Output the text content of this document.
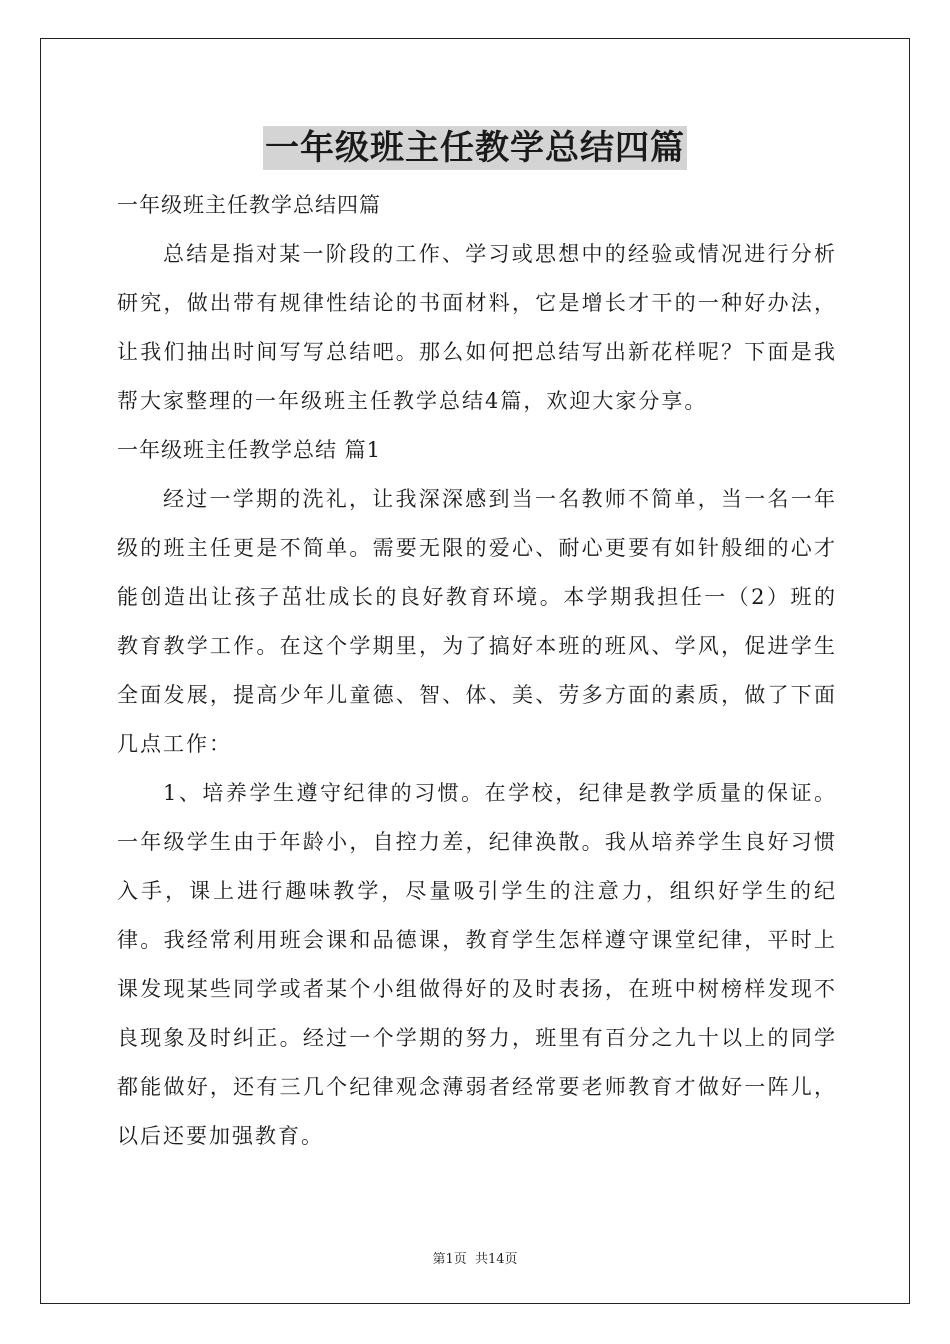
一年级班主任教学总结四篇

一年级班主任教学总结四篇

总结是指对某一阶段的工作、学习或思想中的经验或情况进行分析研究，做出带有规律性结论的书面材料，它是增长才干的一种好办法，让我们抽出时间写写总结吧。那么如何把总结写出新花样呢？下面是我帮大家整理的一年级班主任教学总结4篇，欢迎大家分享。

一年级班主任教学总结 篇1

经过一学期的洗礼，让我深深感到当一名教师不简单，当一名一年级的班主任更是不简单。需要无限的爱心、耐心更要有如针般细的心才能创造出让孩子茁壮成长的良好教育环境。本学期我担任一（2）班的教育教学工作。在这个学期里，为了搞好本班的班风、学风，促进学生全面发展，提高少年儿童德、智、体、美、劳多方面的素质，做了下面几点工作：

1、培养学生遵守纪律的习惯。在学校，纪律是教学质量的保证。一年级学生由于年龄小，自控力差，纪律涣散。我从培养学生良好习惯入手，课上进行趣味教学，尽量吸引学生的注意力，组织好学生的纪律。我经常利用班会课和品德课，教育学生怎样遵守课堂纪律，平时上课发现某些同学或者某个小组做得好的及时表扬，在班中树榜样发现不良现象及时纠正。经过一个学期的努力，班里有百分之九十以上的同学都能做好，还有三几个纪律观念薄弱者经常要老师教育才做好一阵儿，以后还要加强教育。

第1页 共14页
